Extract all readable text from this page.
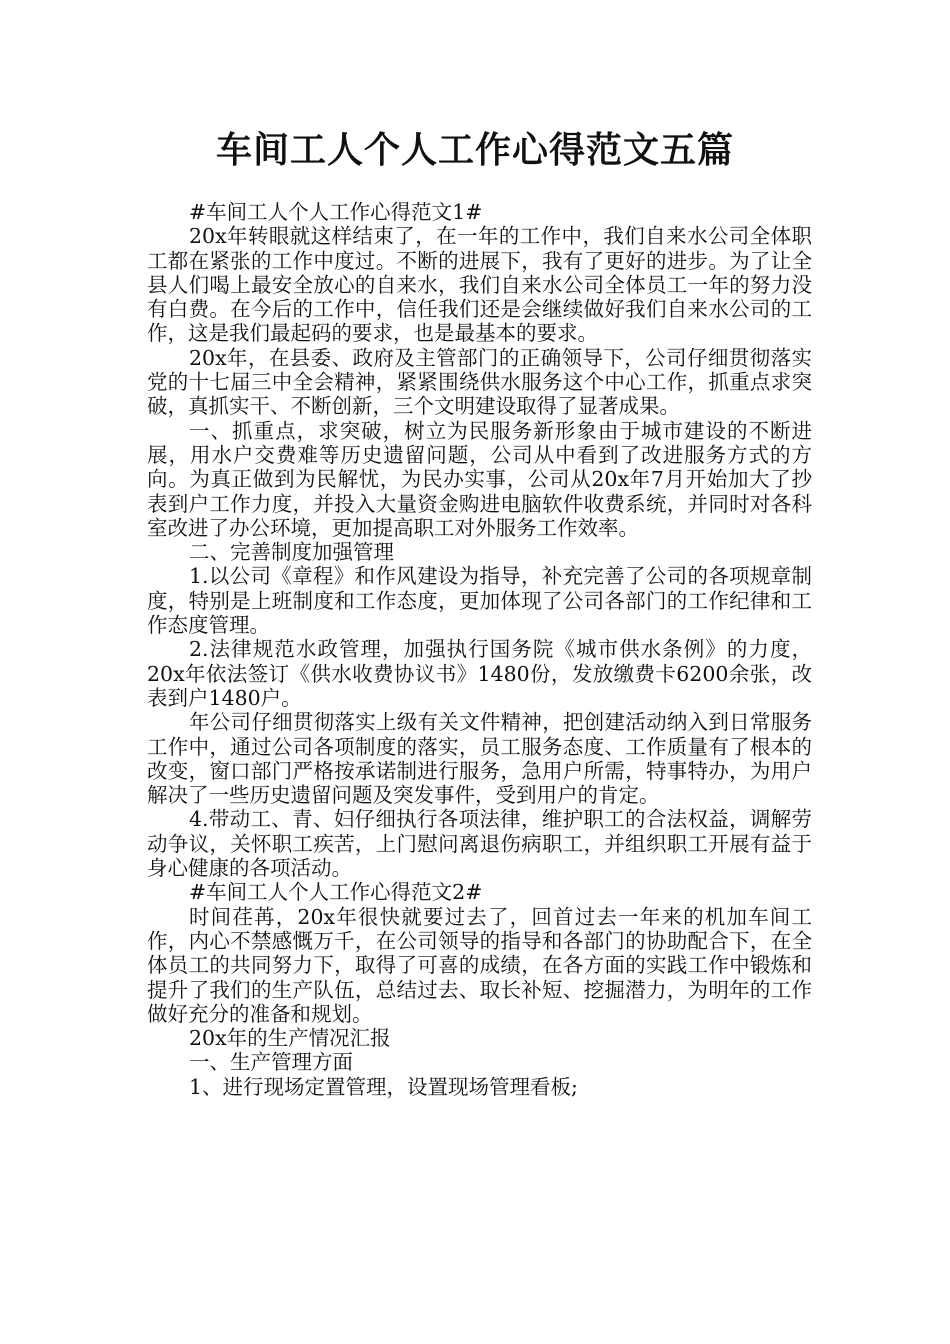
车间工人个人工作心得范文五篇

#车间工人个人工作心得范文1#

20x年转眼就这样结束了，在一年的工作中，我们自来水公司全体职工都在紧张的工作中度过。不断的进展下，我有了更好的进步。为了让全县人们喝上最安全放心的自来水，我们自来水公司全体员工一年的努力没有白费。在今后的工作中，信任我们还是会继续做好我们自来水公司的工作，这是我们最起码的要求，也是最基本的要求。

20x年，在县委、政府及主管部门的正确领导下，公司仔细贯彻落实党的十七届三中全会精神，紧紧围绕供水服务这个中心工作，抓重点求突破，真抓实干、不断创新，三个文明建设取得了显著成果。

一、抓重点，求突破，树立为民服务新形象由于城市建设的不断进展，用水户交费难等历史遗留问题，公司从中看到了改进服务方式的方向。为真正做到为民解忧，为民办实事，公司从20x年7月开始加大了抄表到户工作力度，并投入大量资金购进电脑软件收费系统，并同时对各科室改进了办公环境，更加提高职工对外服务工作效率。

二、完善制度加强管理

1.以公司《章程》和作风建设为指导，补充完善了公司的各项规章制度，特别是上班制度和工作态度，更加体现了公司各部门的工作纪律和工作态度管理。

2.法律规范水政管理，加强执行国务院《城市供水条例》的力度，20x年依法签订《供水收费协议书》1480份，发放缴费卡6200余张，改表到户1480户。

年公司仔细贯彻落实上级有关文件精神，把创建活动纳入到日常服务工作中，通过公司各项制度的落实，员工服务态度、工作质量有了根本的改变，窗口部门严格按承诺制进行服务，急用户所需，特事特办，为用户解决了一些历史遗留问题及突发事件，受到用户的肯定。

4.带动工、青、妇仔细执行各项法律，维护职工的合法权益，调解劳动争议，关怀职工疾苦，上门慰问离退伤病职工，并组织职工开展有益于身心健康的各项活动。

#车间工人个人工作心得范文2#

时间荏苒，20x年很快就要过去了，回首过去一年来的机加车间工作，内心不禁感慨万千，在公司领导的指导和各部门的协助配合下，在全体员工的共同努力下，取得了可喜的成绩，在各方面的实践工作中锻炼和提升了我们的生产队伍，总结过去、取长补短、挖掘潜力，为明年的工作做好充分的准备和规划。

20x年的生产情况汇报

一、生产管理方面

1、进行现场定置管理，设置现场管理看板;
